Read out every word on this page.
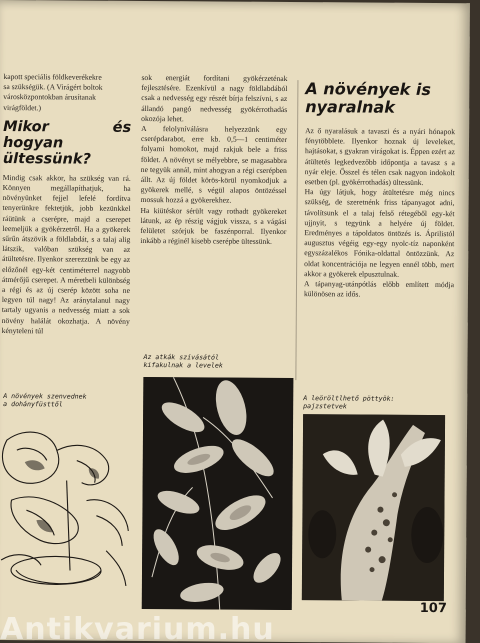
kapott speciális földkeverékekre
sa szükségük. (A Virágért boltok
városközpontokban árusítanak virágföldet.)

Mikor és hogyan
ültessünk?

Mindig csak akkor, ha szükség van rá. Könnyen megállapíthatjuk, ha növényünket fejjel lefelé fordítva tenyerünkre fektetjük, jobb kezünkkel ráütünk a cserépre, majd a cserepet leemeljük a gyökérzetről. Ha a gyökerek sűrűn átszövik a földlabdát, s a talaj alig látszik, valóban szükség van az átültetésre. Ilyenkor szerezzünk be egy az előzőnél egy-két centiméterrel nagyobb átmérőjű cserepet. A méretbeli különbség a régi és az új cserép között soha ne legyen túl nagy! Az aránytalanul nagy tartaly ugyanis a nedvesség miatt a sok növény halálát okozhatja. A növény kényteleni túl

sok energiát fordítani gyökérzeténak fejlesztésére. Ezenkívül a nagy földlabdából csak a nedvesség egy részét bírja felszívni, s az állandó pangó nedvesség gyökérrothadás okozója lehet.
A felolyníválásra helyezzünk egy cserépdarabot, erre kb. 0,5—1 centiméter folyami homokot, majd rakjuk bele a friss földet. A növényt se mélyebbre, se magasabbra ne tegyük annál, mint ahogyan a régi cserépben állt. Az új földet körös-körül nyomkodjuk a gyökerek mellé, s végül alapos öntözéssel mossuk hozzá a gyökerekhez.
Ha kiütéskor sérült vagy rothadt gyökereket látunk, az ép részig vágjuk vissza, s a vágási felületet szórjuk be faszénporral. Ilyenkor inkább a réginél kisebb cserépbe ültessünk.

A növények is
nyaralnak

Az ő nyaralásuk a tavaszi és a nyári hónapok fénytöbblete. Ilyenkor hoznak új leveleket, hajtásokat, s gyakran virágokat is. Éppen ezért az átültetés legkedvezőbb időpontja a tavasz s a nyár eleje. Ősszel és télen csak nagyon indokolt esetben (pl. gyökérrothadás) ültessünk.
Ha úgy látjuk, hogy átültetésre még nincs szükség, de szeretnénk friss tápanyagot adni, távolítsunk el a talaj felső rétegéből egy-két ujjnyit, s tegyünk a helyére új földet. Eredményes a tápoldatos öntözés is. Áprilistól augusztus végéig egy-egy nyolc-tíz naponként egyszázalékos Fónika-oldattal öntözzünk. Az oldat koncentrációja ne legyen ennél több, mert akkor a gyökerek elpusztulnak.
A tápanyag-utánpótlás előbb említett módja különösen az idős.

A növények szenvednek
a dohányfüsttől
Az atkák szívásától
kifakulnak a levelek
A leöröltlhető pöttyök:
pajzstetvek
107
Antikvarium.hu
